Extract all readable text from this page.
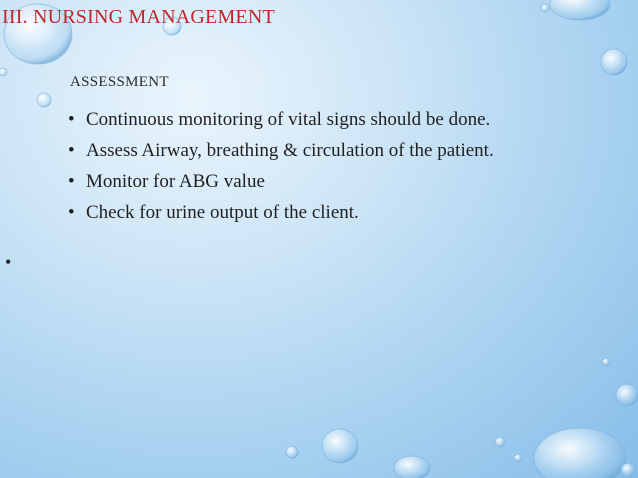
III. NURSING MANAGEMENT
ASSESSMENT
• Continuous monitoring of vital signs should be done.
• Assess Airway, breathing & circulation of the patient.
• Monitor for ABG value
• Check for urine output of the client.
•
